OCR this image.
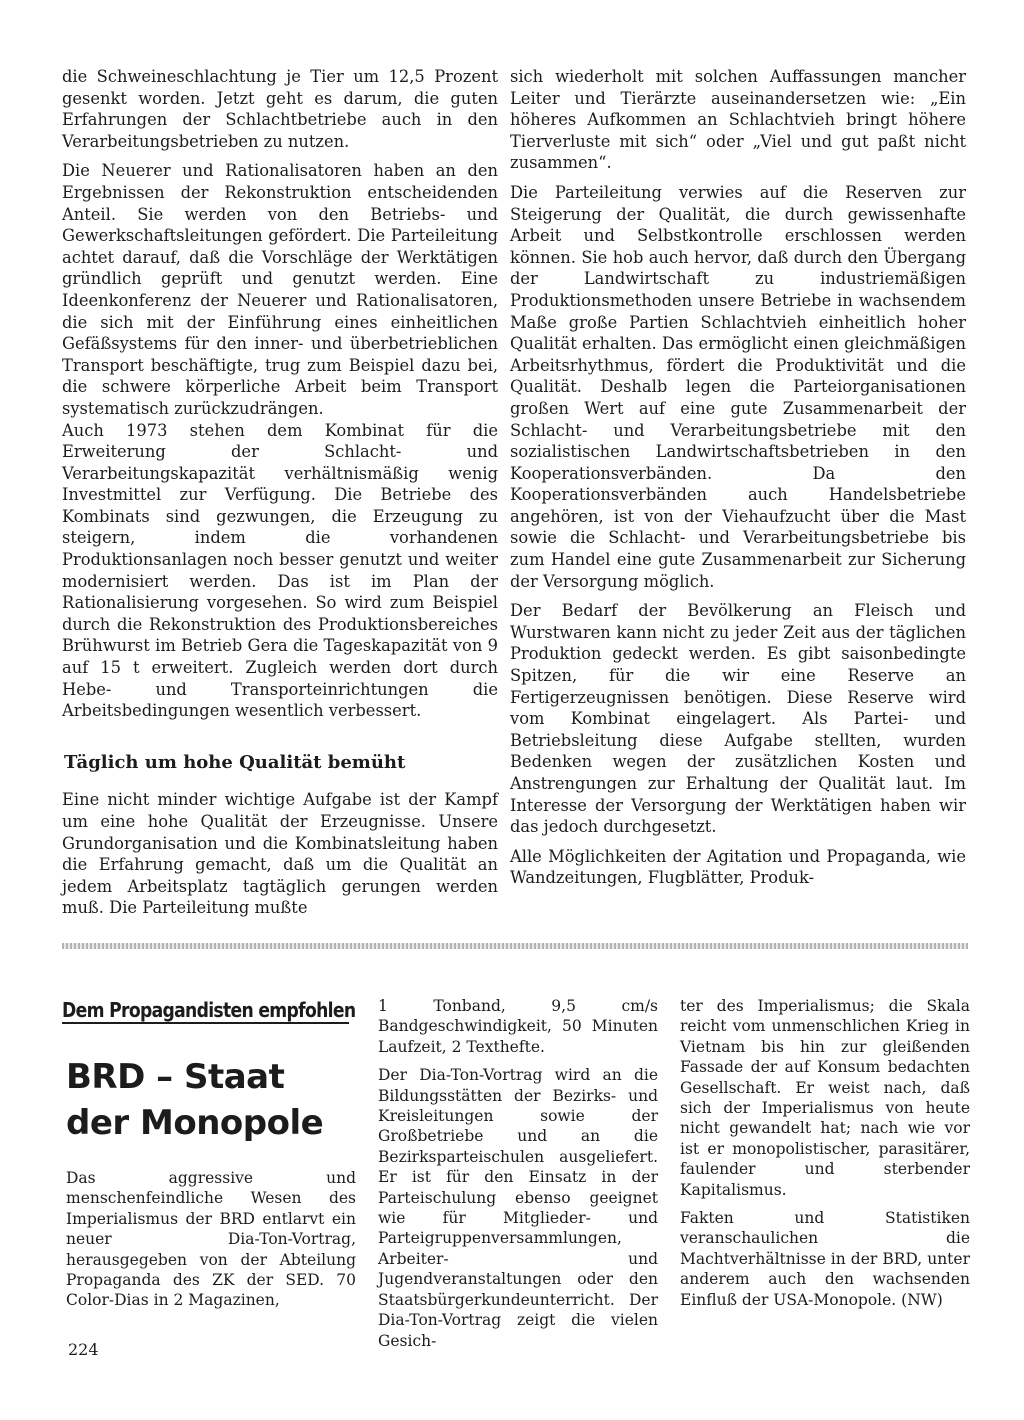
die Schweineschlachtung je Tier um 12,5 Prozent gesenkt worden. Jetzt geht es darum, die guten Erfahrungen der Schlachtbetriebe auch in den Verarbeitungsbetrieben zu nutzen.

Die Neuerer und Rationalisatoren haben an den Ergebnissen der Rekonstruktion entscheidenden Anteil. Sie werden von den Betriebs- und Gewerkschaftsleitungen gefördert. Die Parteileitung achtet darauf, daß die Vorschläge der Werktätigen gründlich geprüft und genutzt werden. Eine Ideenkonferenz der Neuerer und Rationalisatoren, die sich mit der Einführung eines einheitlichen Gefäßsystems für den inner- und überbetrieblichen Transport beschäftigte, trug zum Beispiel dazu bei, die schwere körperliche Arbeit beim Transport systematisch zurückzudrängen.

Auch 1973 stehen dem Kombinat für die Erweiterung der Schlacht- und Verarbeitungskapazität verhältnismäßig wenig Investmittel zur Verfügung. Die Betriebe des Kombinats sind gezwungen, die Erzeugung zu steigern, indem die vorhandenen Produktionsanlagen noch besser genutzt und weiter modernisiert werden. Das ist im Plan der Rationalisierung vorgesehen. So wird zum Beispiel durch die Rekonstruktion des Produktionsbereiches Brühwurst im Betrieb Gera die Tageskapazität von 9 auf 15 t erweitert. Zugleich werden dort durch Hebe- und Transporteinrichtungen die Arbeitsbedingungen wesentlich verbessert.

Täglich um hohe Qualität bemüht

Eine nicht minder wichtige Aufgabe ist der Kampf um eine hohe Qualität der Erzeugnisse. Unsere Grundorganisation und die Kombinatsleitung haben die Erfahrung gemacht, daß um die Qualität an jedem Arbeitsplatz tagtäglich gerungen werden muß. Die Parteileitung mußte

sich wiederholt mit solchen Auffassungen mancher Leiter und Tierärzte auseinandersetzen wie: „Ein höheres Aufkommen an Schlachtvieh bringt höhere Tierverluste mit sich“ oder „Viel und gut paßt nicht zusammen“.

Die Parteileitung verwies auf die Reserven zur Steigerung der Qualität, die durch gewissenhafte Arbeit und Selbstkontrolle erschlossen werden können. Sie hob auch hervor, daß durch den Übergang der Landwirtschaft zu industriemäßigen Produktionsmethoden unsere Betriebe in wachsendem Maße große Partien Schlachtvieh einheitlich hoher Qualität erhalten. Das ermöglicht einen gleichmäßigen Arbeitsrhythmus, fördert die Produktivität und die Qualität. Deshalb legen die Parteiorganisationen großen Wert auf eine gute Zusammenarbeit der Schlacht- und Verarbeitungsbetriebe mit den sozialistischen Landwirtschaftsbetrieben in den Kooperationsverbänden. Da den Kooperationsverbänden auch Handelsbetriebe angehören, ist von der Viehaufzucht über die Mast sowie die Schlacht- und Verarbeitungsbetriebe bis zum Handel eine gute Zusammenarbeit zur Sicherung der Versorgung möglich.

Der Bedarf der Bevölkerung an Fleisch und Wurstwaren kann nicht zu jeder Zeit aus der täglichen Produktion gedeckt werden. Es gibt saisonbedingte Spitzen, für die wir eine Reserve an Fertigerzeugnissen benötigen. Diese Reserve wird vom Kombinat eingelagert. Als Partei- und Betriebsleitung diese Aufgabe stellten, wurden Bedenken wegen der zusätzlichen Kosten und Anstrengungen zur Erhaltung der Qualität laut. Im Interesse der Versorgung der Werktätigen haben wir das jedoch durchgesetzt.

Alle Möglichkeiten der Agitation und Propaganda, wie Wandzeitungen, Flugblätter, Produk-

Dem Propagandisten empfohlen
BRD – Staat
der Monopole

Das aggressive und menschenfeindliche Wesen des Imperialismus der BRD entlarvt ein neuer Dia-Ton-Vortrag, herausgegeben von der Abteilung Propaganda des ZK der SED. 70 Color-Dias in 2 Magazinen,

1 Tonband, 9,5 cm/s Bandgeschwindigkeit, 50 Minuten Laufzeit, 2 Texthefte.

Der Dia-Ton-Vortrag wird an die Bildungsstätten der Bezirks- und Kreisleitungen sowie der Großbetriebe und an die Bezirksparteischulen ausgeliefert. Er ist für den Einsatz in der Parteischulung ebenso geeignet wie für Mitglieder- und Parteigruppenversammlungen, Arbeiter- und Jugendveranstaltungen oder den Staatsbürgerkundeunterricht. Der Dia-Ton-Vortrag zeigt die vielen Gesich-

ter des Imperialismus; die Skala reicht vom unmenschlichen Krieg in Vietnam bis hin zur gleißenden Fassade der auf Konsum bedachten Gesellschaft. Er weist nach, daß sich der Imperialismus von heute nicht gewandelt hat; nach wie vor ist er monopolistischer, parasitärer, faulender und sterbender Kapitalismus.

Fakten und Statistiken veranschaulichen die Machtverhältnisse in der BRD, unter anderem auch den wachsenden Einfluß der USA-Monopole. (NW)

224
